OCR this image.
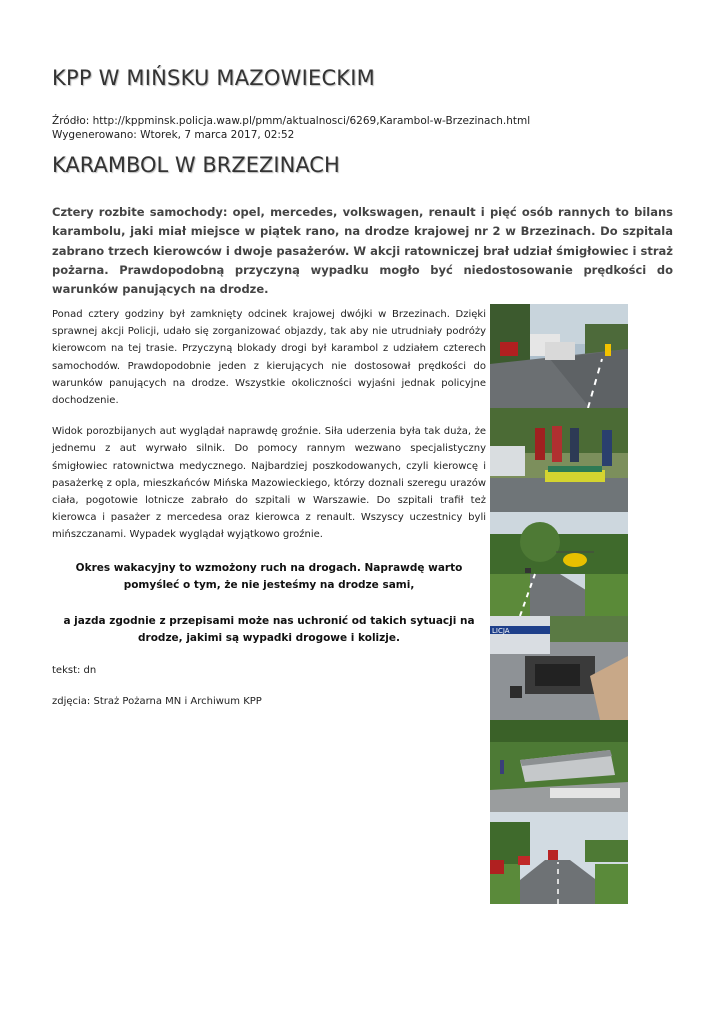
KPP W MIŃSKU MAZOWIECKIM
Źródło: http://kppminsk.policja.waw.pl/pmm/aktualnosci/6269,Karambol-w-Brzezinach.html
Wygenerowano: Wtorek, 7 marca 2017, 02:52
KARAMBOL W BRZEZINACH

Cztery rozbite samochody: opel, mercedes, volkswagen, renault i pięć osób rannych to bilans karambolu, jaki miał miejsce w piątek rano, na drodze krajowej nr 2 w Brzezinach. Do szpitala zabrano trzech kierowców i dwoje pasażerów. W akcji ratowniczej brał udział śmigłowiec i straż pożarna. Prawdopodobną przyczyną wypadku mogło być niedostosowanie prędkości do warunków panujących na drodze.

Ponad cztery godziny był zamknięty odcinek krajowej dwójki w Brzezinach. Dzięki sprawnej akcji Policji, udało się zorganizować objazdy, tak aby nie utrudniały podróży kierowcom na tej trasie. Przyczyną blokady drogi był karambol z udziałem czterech samochodów. Prawdopodobnie jeden z kierujących nie dostosował prędkości do warunków panujących na drodze. Wszystkie okoliczności wyjaśni jednak policyjne dochodzenie.

Widok porozbijanych aut wyglądał naprawdę groźnie. Siła uderzenia była tak duża, że jednemu z aut wyrwało silnik. Do pomocy rannym wezwano specjalistyczny śmigłowiec ratownictwa medycznego. Najbardziej poszkodowanych, czyli kierowcę i pasażerkę z opla, mieszkańców Mińska Mazowieckiego, którzy doznali szeregu urazów ciała, pogotowie lotnicze zabrało do szpitali w Warszawie. Do szpitali trafił też kierowca i pasażer z mercedesa oraz kierowca z renault. Wszyscy uczestnicy byli mińszczanami. Wypadek wyglądał wyjątkowo groźnie.

Okres wakacyjny to wzmożony ruch na drogach. Naprawdę warto pomyśleć o tym, że nie jesteśmy na drodze sami,

a jazda zgodnie z przepisami może nas uchronić od takich sytuacji na drodze, jakimi są wypadki drogowe i kolizje.

tekst: dn

zdjęcia: Straż Pożarna MN i Archiwum KPP

LICJA
